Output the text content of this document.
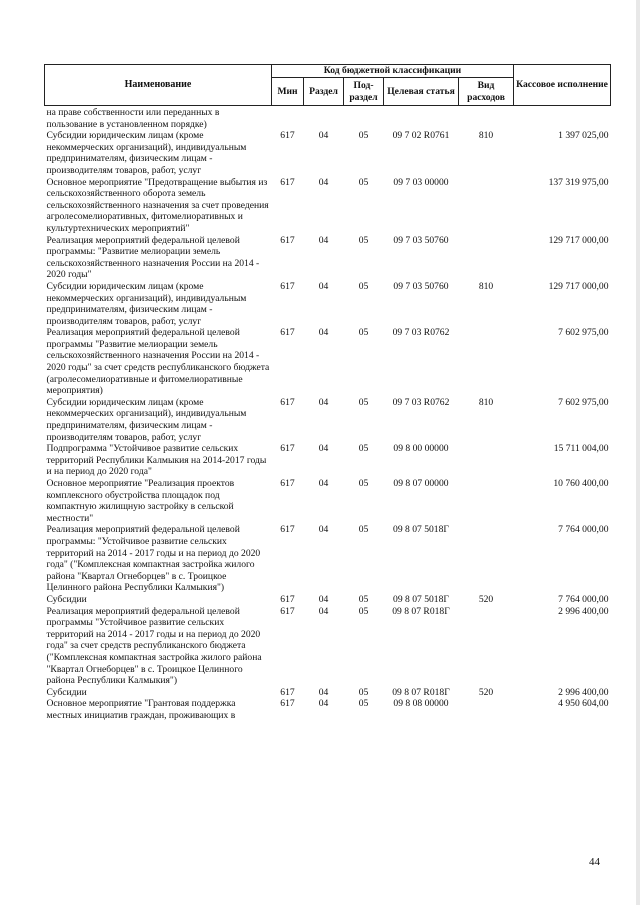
Наименование	Код бюджетной классификации					Кассовое исполнение
	Мин	Раздел	Под-раздел	Целевая статья	Вид расходов	
на праве собственности или переданных в пользование в установленном порядке)						
Субсидии юридическим лицам (кроме некоммерческих организаций), индивидуальным предпринимателям, физическим лицам - производителям товаров, работ, услуг	617	04	05	09 7 02 R0761	810	1 397 025,00
Основное мероприятие "Предотвращение выбытия из сельскохозяйственного оборота земель сельскохозяйственного назначения за счет проведения агролесомелиоративных, фитомелиоративных и культуртехнических мероприятий"	617	04	05	09 7 03 00000		137 319 975,00
Реализация мероприятий федеральной целевой программы: "Развитие мелиорации земель сельскохозяйственного назначения России на 2014 - 2020 годы"	617	04	05	09 7 03 50760		129 717 000,00
Субсидии юридическим лицам (кроме некоммерческих организаций), индивидуальным предпринимателям, физическим лицам - производителям товаров, работ, услуг	617	04	05	09 7 03 50760	810	129 717 000,00
Реализация мероприятий федеральной целевой программы "Развитие мелиорации земель сельскохозяйственного назначения России на 2014 - 2020 годы" за счет средств республиканского бюджета (агролесомелиоративные и фитомелиоративные мероприятия)	617	04	05	09 7 03 R0762		7 602 975,00
Субсидии юридическим лицам (кроме некоммерческих организаций), индивидуальным предпринимателям, физическим лицам - производителям товаров, работ, услуг	617	04	05	09 7 03 R0762	810	7 602 975,00
Подпрограмма "Устойчивое развитие сельских территорий Республики Калмыкия на 2014-2017 годы и на период до 2020 года"	617	04	05	09 8 00 00000		15 711 004,00
Основное мероприятие "Реализация проектов комплексного обустройства площадок под компактную жилищную застройку в сельской местности"	617	04	05	09 8 07 00000		10 760 400,00
Реализация мероприятий федеральной целевой программы: "Устойчивое развитие сельских территорий на 2014 - 2017 годы и на период до 2020 года" ("Комплексная компактная застройка жилого района "Квартал Огнеборцев" в с. Троицкое Целинного района Республики Калмыкия")	617	04	05	09 8 07 5018Г		7 764 000,00
Субсидии	617	04	05	09 8 07 5018Г	520	7 764 000,00
Реализация мероприятий федеральной целевой программы "Устойчивое развитие сельских территорий на 2014 - 2017 годы и на период до 2020 года" за счет средств республиканского бюджета ("Комплексная компактная застройка жилого района "Квартал Огнеборцев" в с. Троицкое Целинного района Республики Калмыкия")	617	04	05	09 8 07 R018Г		2 996 400,00
Субсидии	617	04	05	09 8 07 R018Г	520	2 996 400,00
Основное мероприятие "Грантовая поддержка местных инициатив граждан, проживающих в	617	04	05	09 8 08 00000		4 950 604,00
44
